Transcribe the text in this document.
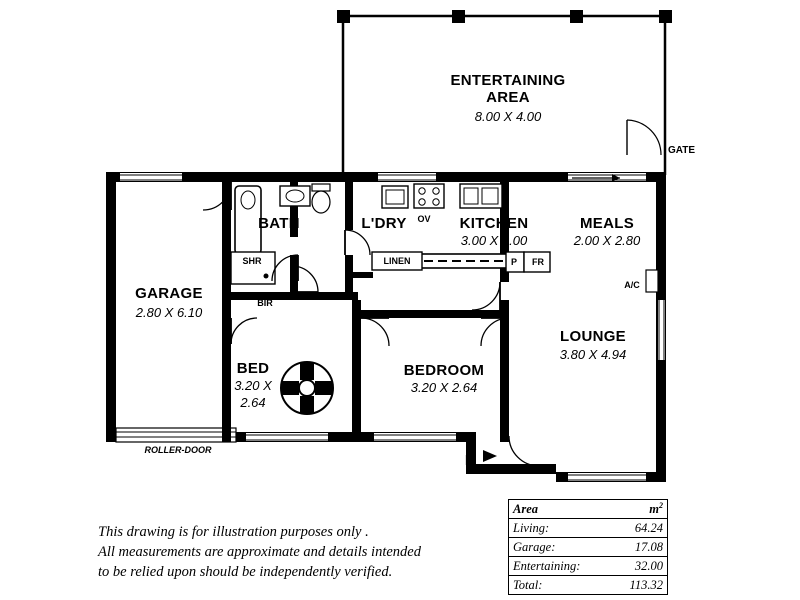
ENTERTAINING
AREA
8.00 X 4.00
GATE
GARAGE
2.80 X 6.10
BATH	L'DRY	KITCHEN
3.00 X 2.00
MEALS
2.00 X 2.80
LOUNGE
3.80 X 4.94
BED
3.20 X
2.64
BEDROOM
3.20 X 2.64
SHR
BIR
LINEN
OV
P	FR
A/C
ROLLER-DOOR
P
This drawing is for illustration purposes only .
All measurements are approximate and details intended
to be relied upon should be independently verified.
Area	$m^2$
Living:	64.24
Garage:	17.08
Entertaining:	32.00
Total:	113.32
